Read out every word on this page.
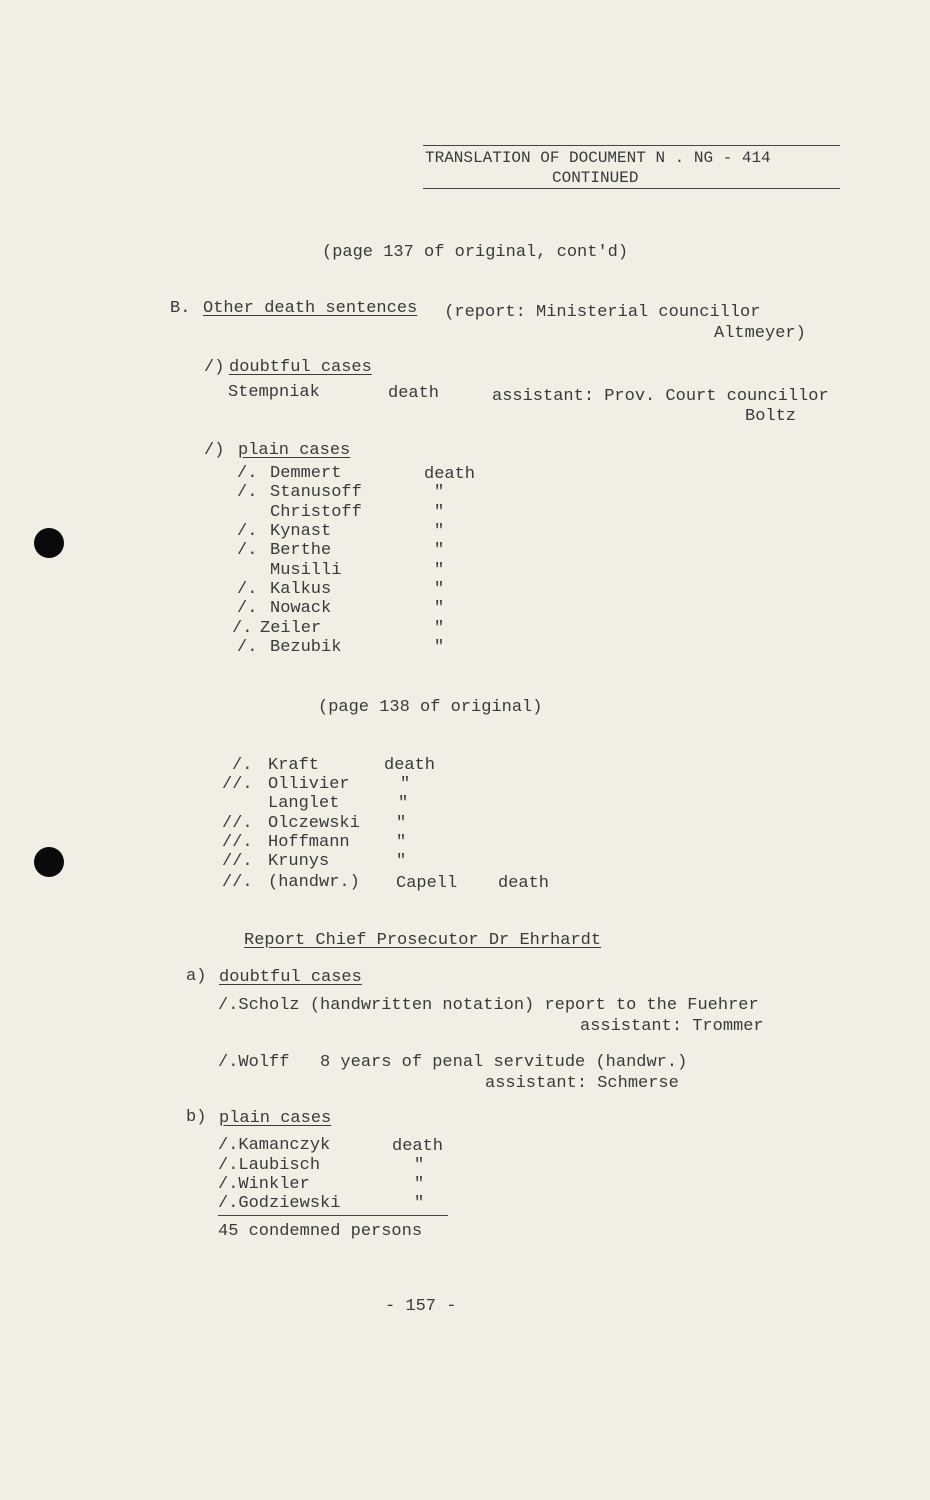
TRANSLATION OF DOCUMENT N . NG - 414
CONTINUED
(page 137 of original, cont'd)
B. Other death sentences (report: Ministerial councillor
Altmeyer)
/) doubtful cases
Stempniak	death	assistant: Prov. Court councillor
Boltz
/) plain cases
/. Demmert	death
/. Stanusoff	"
Christoff	"
/. Kynast	"
/. Berthe	"
Musilli	"
/. Kalkus	"
/. Nowack	"
/. Zeiler	"
/. Bezubik	"
(page 138 of original)
/. Kraft	death
//. Ollivier	"
Langlet	"
//. Olczewski "
//. Hoffmann	"
//. Krunys	"
//. (handwr.) Capell death
Report Chief Prosecutor Dr Ehrhardt
a) doubtful cases
/.Scholz (handwritten notation) report to the Fuehrer
assistant: Trommer
/.Wolff   8 years of penal servitude (handwr.)
assistant: Schmerse
b) plain cases
/.Kamanczyk	death
/.Laubisch	"
/.Winkler	"
/.Godziewski	"
45 condemned persons
- 157 -
